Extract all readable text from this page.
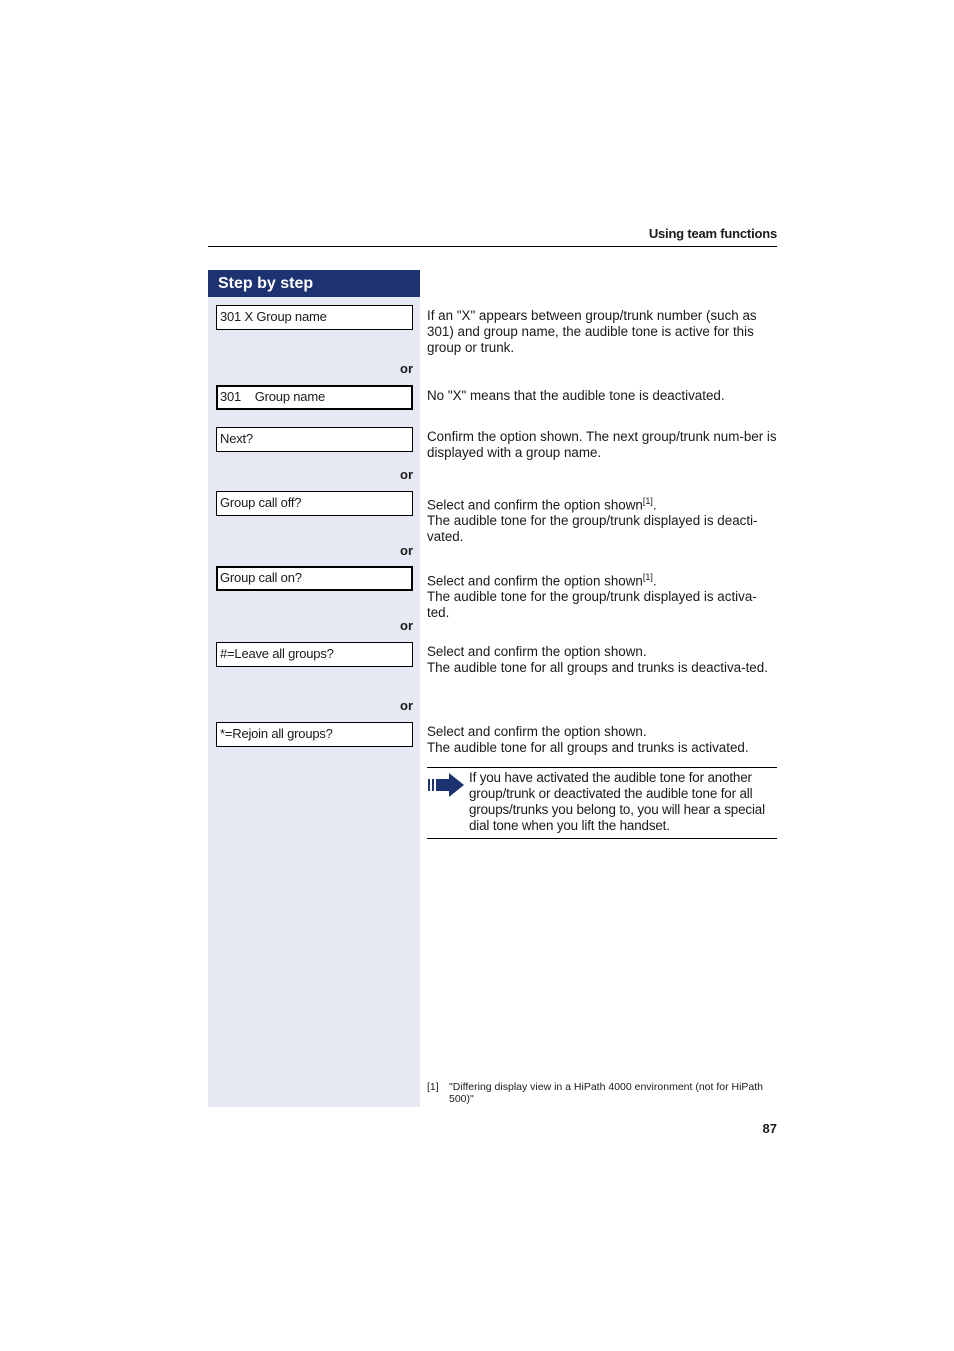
Using team functions
Step by step
301 X Group name
or
301    Group name
Next?
or
Group call off?
or
Group call on?
or
#=Leave all groups?
or
*=Rejoin all groups?
If an "X" appears between group/trunk number (such as 301) and group name, the audible tone is active for this group or trunk.
No "X" means that the audible tone is deactivated.
Confirm the option shown. The next group/trunk num-ber is displayed with a group name.
Select and confirm the option shown[1].
The audible tone for the group/trunk displayed is deacti-vated.
Select and confirm the option shown[1].
The audible tone for the group/trunk displayed is activa-ted.
Select and confirm the option shown.
The audible tone for all groups and trunks is deactiva-ted.
Select and confirm the option shown.
The audible tone for all groups and trunks is activated.
If you have activated the audible tone for another group/trunk or deactivated the audible tone for all groups/trunks you belong to, you will hear a special dial tone when you lift the handset.
[1] "Differing display view in a HiPath 4000 environment (not for HiPath 500)"
87
